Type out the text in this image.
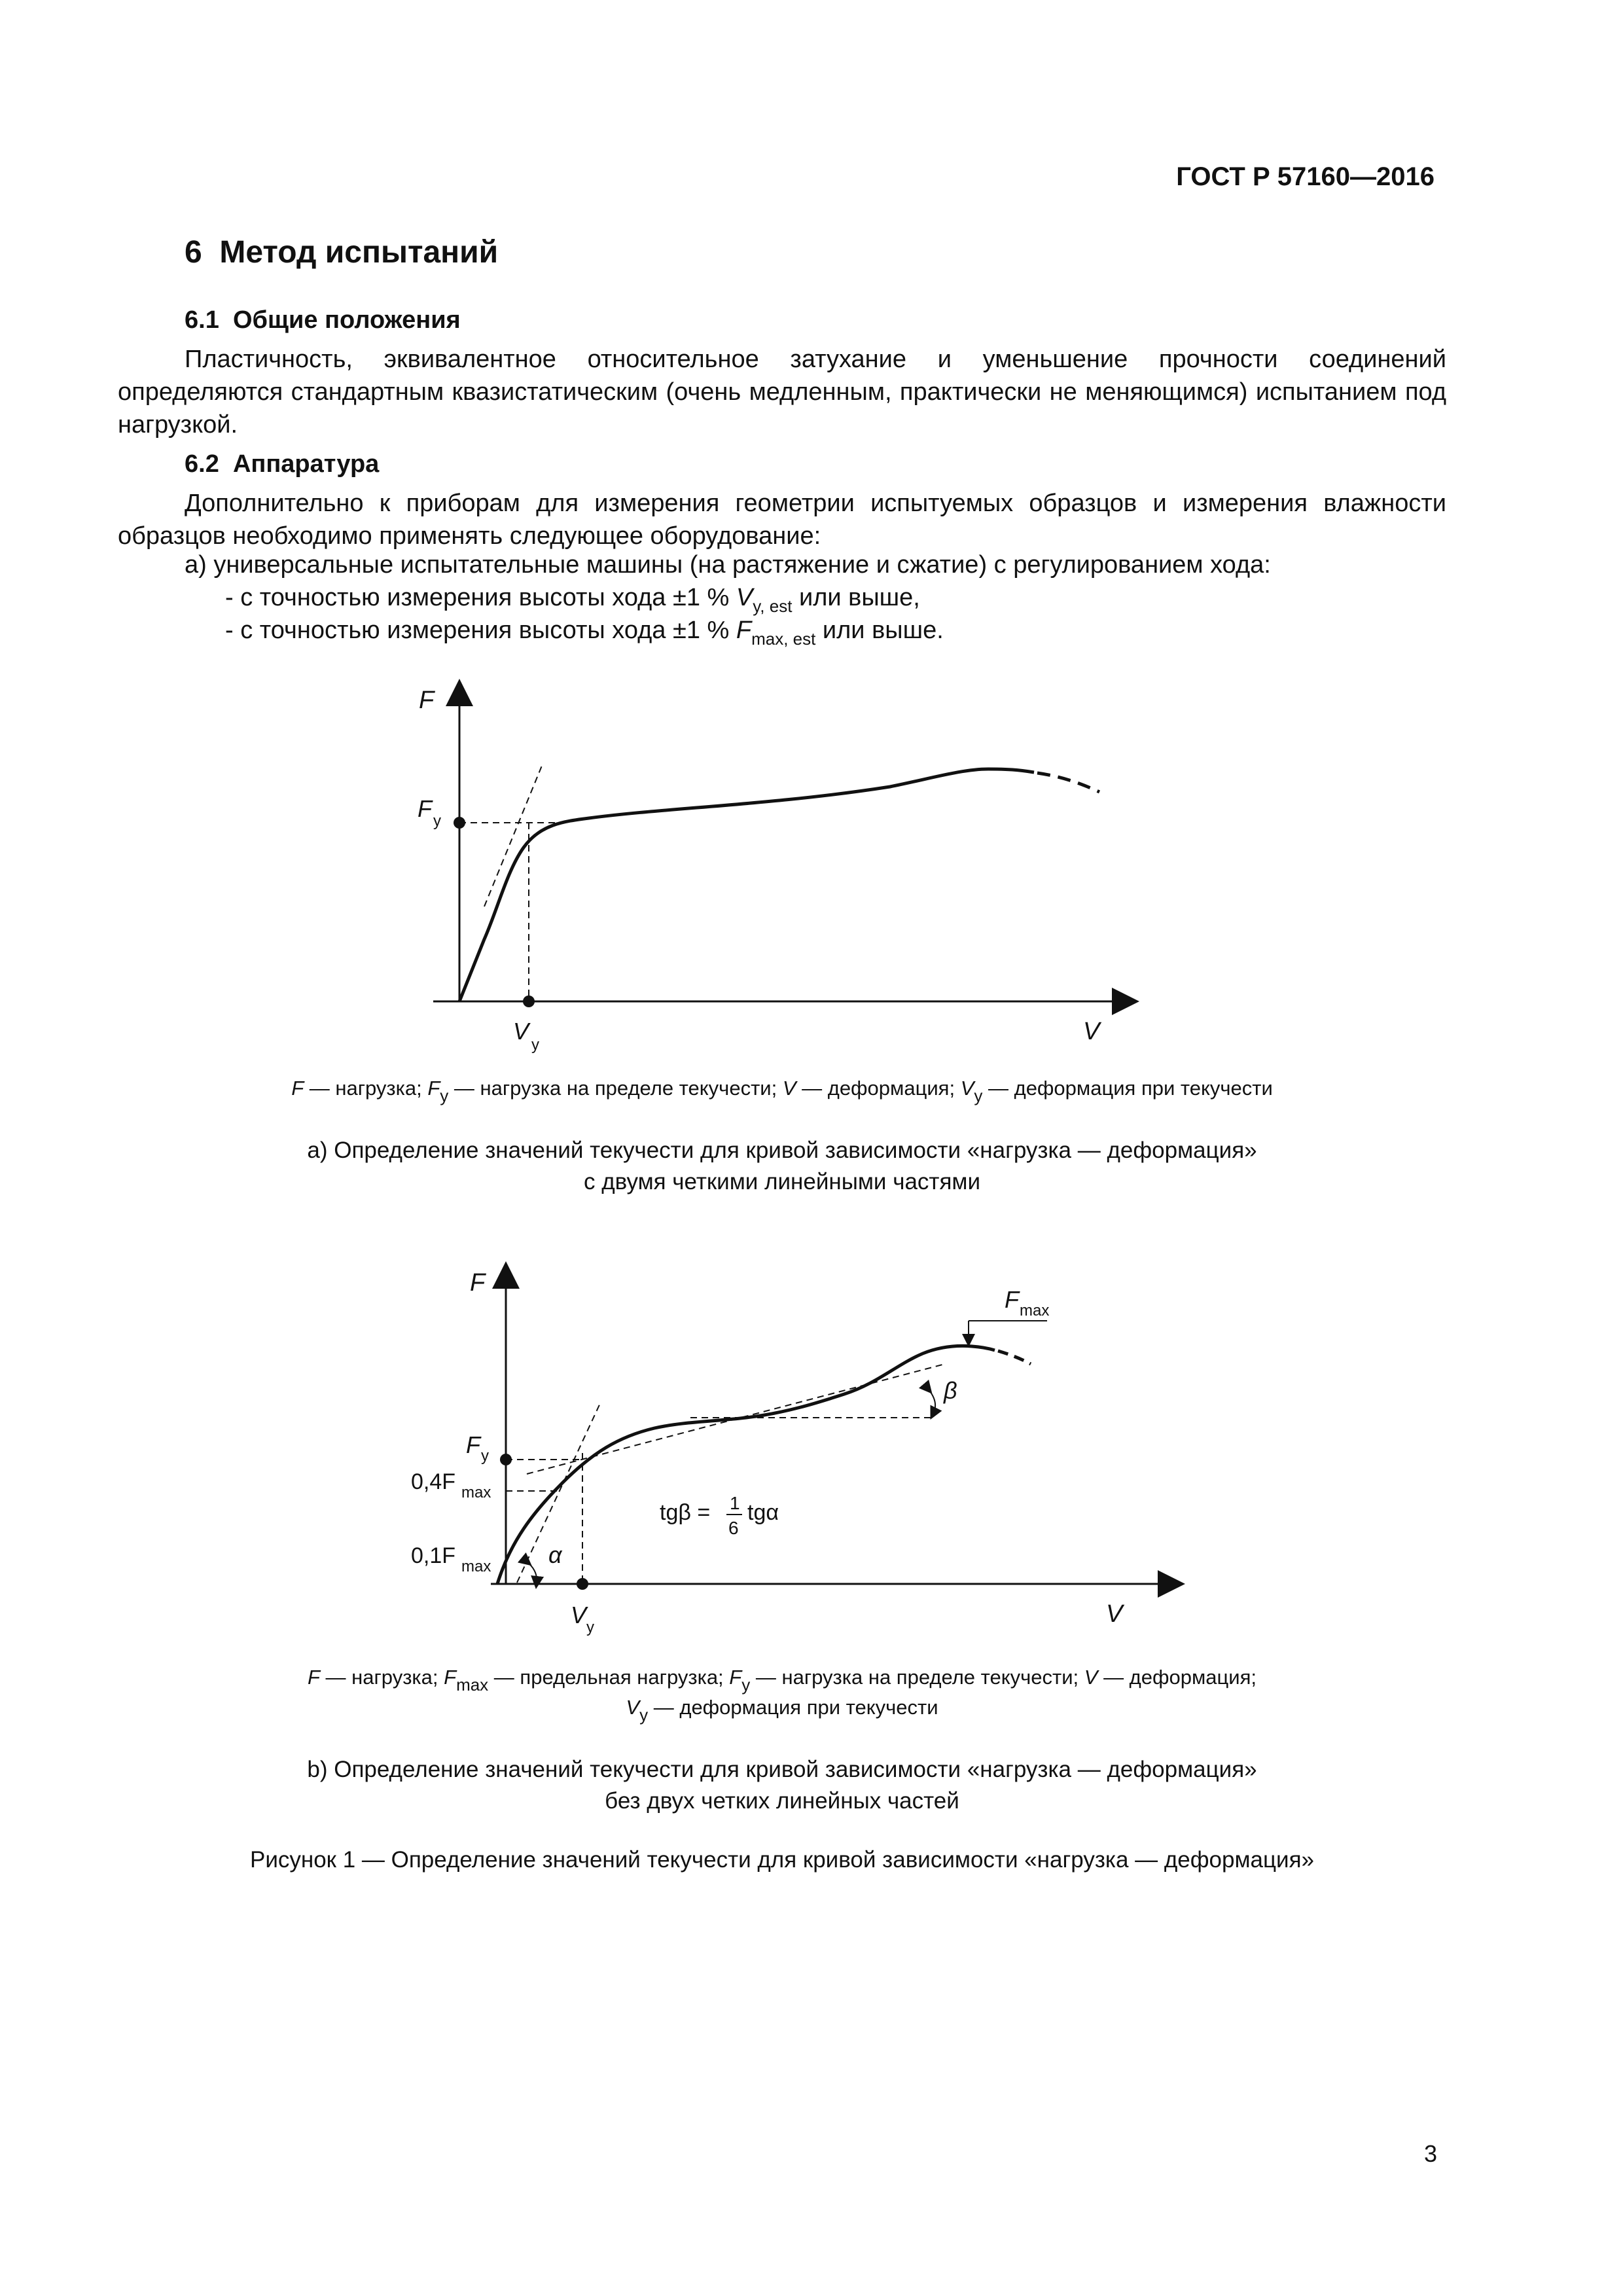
ГОСТ Р 57160—2016
6 Метод испытаний
6.1 Общие положения

Пластичность, эквивалентное относительное затухание и уменьшение прочности соединений определяются стандартным квазистатическим (очень медленным, практически не меняющимся) испытанием под нагрузкой.

6.2 Аппаратура

Дополнительно к приборам для измерения геометрии испытуемых образцов и измерения влажности образцов необходимо применять следующее оборудование:

a) универсальные испытательные машины (на растяжение и сжатие) с регулированием хода:
- с точностью измерения высоты хода ±1 % $V_{y, est}$ или выше,
- с точностью измерения высоты хода ±1 % $F_{max, est}$ или выше.
F
V
F y
V
y
F — нагрузка; $F_y$ — нагрузка на пределе текучести; V — деформация; $V_y$ — деформация при текучести
a) Определение значений текучести для кривой зависимости «нагрузка — деформация»
с двумя четкими линейными частями
F
V
F max
F y
0,4F max
0,1F max
V y
α
β
tgβ = 1
6
tgα
F — нагрузка; $F_{max}$ — предельная нагрузка; $F_y$ — нагрузка на пределе текучести; V — деформация;
$V_y$ — деформация при текучести
b) Определение значений текучести для кривой зависимости «нагрузка — деформация»
без двух четких линейных частей
Рисунок 1 — Определение значений текучести для кривой зависимости «нагрузка — деформация»
3
